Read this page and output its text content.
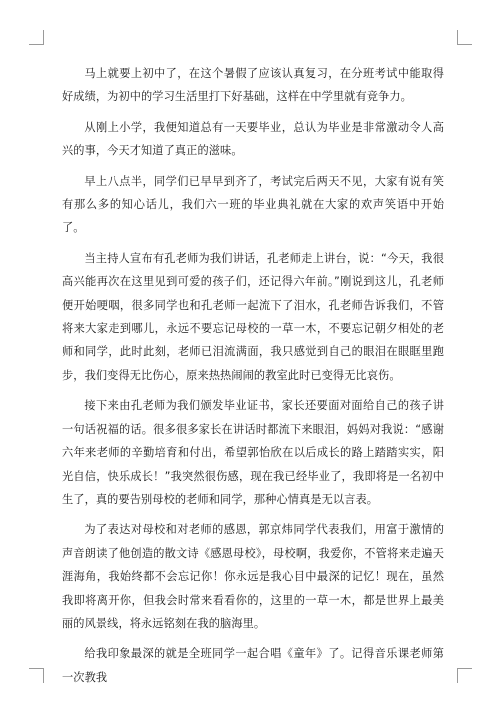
马上就要上初中了，在这个暑假了应该认真复习，在分班考试中能取得好成绩，为初中的学习生活里打下好基础，这样在中学里就有竞争力。

从刚上小学，我便知道总有一天要毕业，总认为毕业是非常激动令人高兴的事，今天才知道了真正的滋味。

早上八点半，同学们已早早到齐了，考试完后两天不见，大家有说有笑有那么多的知心话儿，我们六一班的毕业典礼就在大家的欢声笑语中开始了。

当主持人宣布有孔老师为我们讲话，孔老师走上讲台，说：“今天，我很高兴能再次在这里见到可爱的孩子们，还记得六年前。”刚说到这儿，孔老师便开始哽咽，很多同学也和孔老师一起流下了泪水，孔老师告诉我们，不管将来大家走到哪儿，永远不要忘记母校的一草一木，不要忘记朝夕相处的老师和同学，此时此刻，老师已泪流满面，我只感觉到自己的眼泪在眼眶里跑步，我们变得无比伤心，原来热热闹闹的教室此时已变得无比哀伤。

接下来由孔老师为我们颁发毕业证书，家长还要面对面给自己的孩子讲一句话祝福的话。很多很多家长在讲话时都流下来眼泪，妈妈对我说：“感谢六年来老师的辛勤培育和付出，希望郭怡欣在以后成长的路上踏踏实实，阳光自信，快乐成长！”我突然很伤感，现在我已经毕业了，我即将是一名初中生了，真的要告别母校的老师和同学，那种心情真是无以言表。

为了表达对母校和对老师的感恩，郭京炜同学代表我们，用富于激情的声音朗读了他创造的散文诗《感恩母校》，母校啊，我爱你，不管将来走遍天涯海角，我始终都不会忘记你！你永远是我心目中最深的记忆！现在，虽然我即将离开你，但我会时常来看看你的，这里的一草一木，都是世界上最美丽的风景线，将永远铭刻在我的脑海里。

给我印象最深的就是全班同学一起合唱《童年》了。记得音乐课老师第一次教我
